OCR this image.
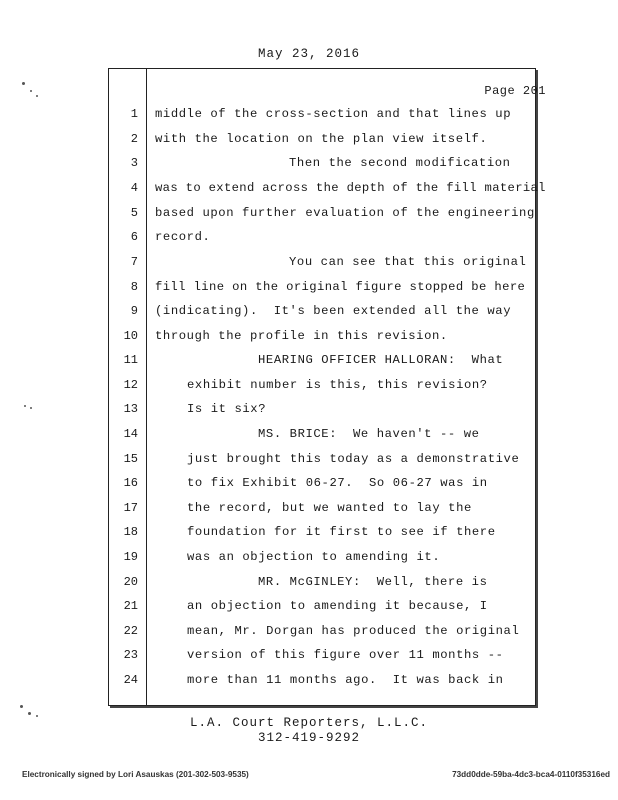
May 23, 2016
Page 201
1
2
3
4
5
6
7
8
9
10
11
12
13
14
15
16
17
18
19
20
21
22
23
24
middle of the cross-section and that lines up
with the location on the plan view itself.
Then the second modification
was to extend across the depth of the fill material
based upon further evaluation of the engineering
record.
You can see that this original
fill line on the original figure stopped be here
(indicating).  It's been extended all the way
through the profile in this revision.
HEARING OFFICER HALLORAN:  What
exhibit number is this, this revision?
Is it six?
MS. BRICE:  We haven't -- we
just brought this today as a demonstrative
to fix Exhibit 06-27.  So 06-27 was in
the record, but we wanted to lay the
foundation for it first to see if there
was an objection to amending it.
MR. McGINLEY:  Well, there is
an objection to amending it because, I
mean, Mr. Dorgan has produced the original
version of this figure over 11 months --
more than 11 months ago.  It was back in
L.A. Court Reporters, L.L.C.
312-419-9292
Electronically signed by Lori Asauskas (201-302-503-9535)	73dd0dde-59ba-4dc3-bca4-0110f35316ed
